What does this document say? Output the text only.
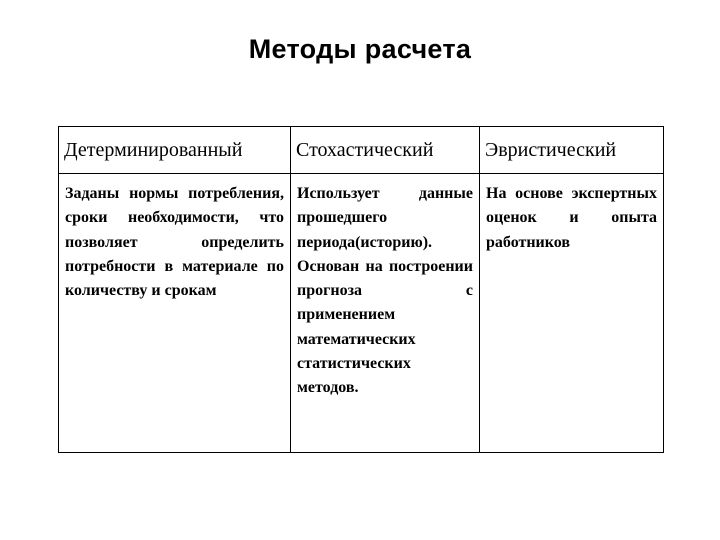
Методы расчета
Детерминированный	Стохастический	Эвристический
Заданы нормы потребления, сроки необходимости, что позволяет определить потребности в материале по количеству и срокам	Использует данные прошедшего периода(историю). Основан на построении прогноза с применением математических статистических методов.	На основе экспертных оценок и опыта работников
